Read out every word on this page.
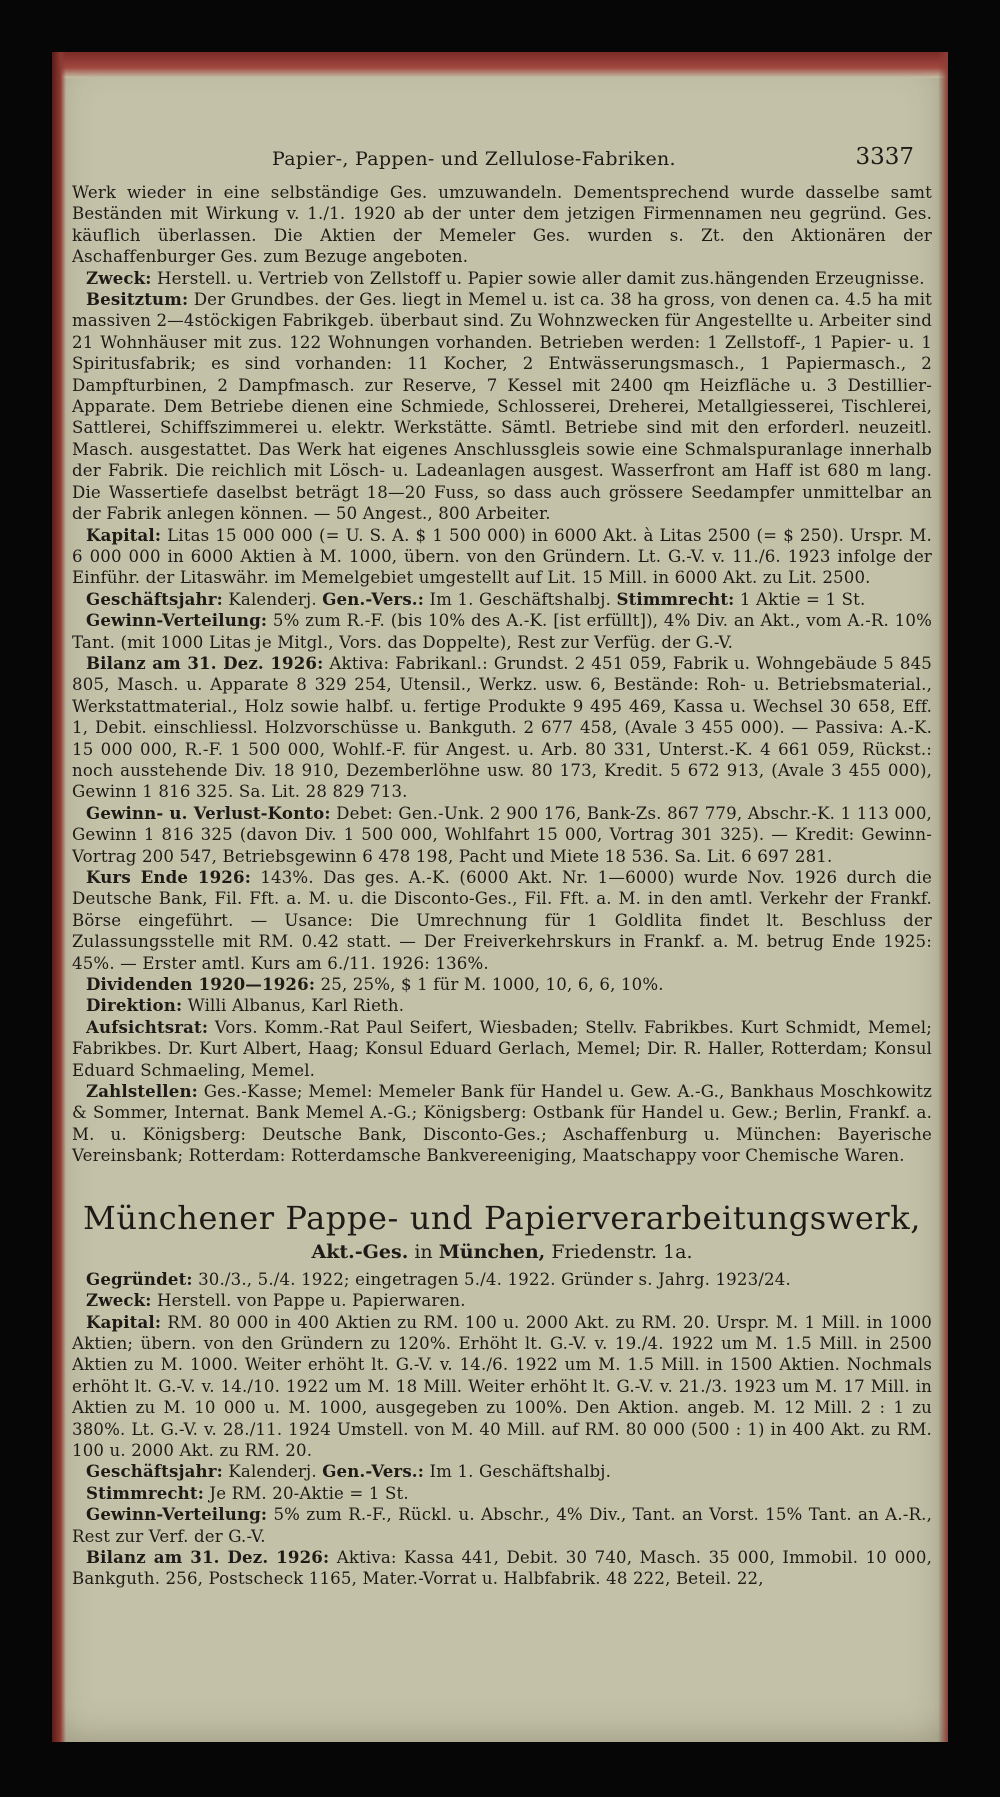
Papier-, Pappen- und Zellulose-Fabriken.	3337

Werk wieder in eine selbständige Ges. umzuwandeln. Dementsprechend wurde dasselbe samt Beständen mit Wirkung v. 1./1. 1920 ab der unter dem jetzigen Firmennamen neu gegründ. Ges. käuflich überlassen. Die Aktien der Memeler Ges. wurden s. Zt. den Aktionären der Aschaffenburger Ges. zum Bezuge angeboten.

Zweck: Herstell. u. Vertrieb von Zellstoff u. Papier sowie aller damit zus.hängenden Erzeugnisse.

Besitztum: Der Grundbes. der Ges. liegt in Memel u. ist ca. 38 ha gross, von denen ca. 4.5 ha mit massiven 2—4stöckigen Fabrikgeb. überbaut sind. Zu Wohnzwecken für Angestellte u. Arbeiter sind 21 Wohnhäuser mit zus. 122 Wohnungen vorhanden. Betrieben werden: 1 Zellstoff-, 1 Papier- u. 1 Spiritusfabrik; es sind vorhanden: 11 Kocher, 2 Entwässerungsmasch., 1 Papiermasch., 2 Dampfturbinen, 2 Dampfmasch. zur Reserve, 7 Kessel mit 2400 qm Heizfläche u. 3 Destillier-Apparate. Dem Betriebe dienen eine Schmiede, Schlosserei, Dreherei, Metallgiesserei, Tischlerei, Sattlerei, Schiffszimmerei u. elektr. Werkstätte. Sämtl. Betriebe sind mit den erforderl. neuzeitl. Masch. ausgestattet. Das Werk hat eigenes Anschlussgleis sowie eine Schmalspuranlage innerhalb der Fabrik. Die reichlich mit Lösch- u. Ladeanlagen ausgest. Wasserfront am Haff ist 680 m lang. Die Wassertiefe daselbst beträgt 18—20 Fuss, so dass auch grössere Seedampfer unmittelbar an der Fabrik anlegen können. — 50 Angest., 800 Arbeiter.

Kapital: Litas 15 000 000 (= U. S. A. $ 1 500 000) in 6000 Akt. à Litas 2500 (= $ 250). Urspr. M. 6 000 000 in 6000 Aktien à M. 1000, übern. von den Gründern. Lt. G.-V. v. 11./6. 1923 infolge der Einführ. der Litaswähr. im Memelgebiet umgestellt auf Lit. 15 Mill. in 6000 Akt. zu Lit. 2500.

Geschäftsjahr: Kalenderj. Gen.-Vers.: Im 1. Geschäftshalbj. Stimmrecht: 1 Aktie = 1 St.

Gewinn-Verteilung: 5% zum R.-F. (bis 10% des A.-K. [ist erfüllt]), 4% Div. an Akt., vom A.-R. 10% Tant. (mit 1000 Litas je Mitgl., Vors. das Doppelte), Rest zur Verfüg. der G.-V.

Bilanz am 31. Dez. 1926: Aktiva: Fabrikanl.: Grundst. 2 451 059, Fabrik u. Wohngebäude 5 845 805, Masch. u. Apparate 8 329 254, Utensil., Werkz. usw. 6, Bestände: Roh- u. Betriebsmaterial., Werkstattmaterial., Holz sowie halbf. u. fertige Produkte 9 495 469, Kassa u. Wechsel 30 658, Eff. 1, Debit. einschliessl. Holzvorschüsse u. Bankguth. 2 677 458, (Avale 3 455 000). — Passiva: A.-K. 15 000 000, R.-F. 1 500 000, Wohlf.-F. für Angest. u. Arb. 80 331, Unterst.-K. 4 661 059, Rückst.: noch ausstehende Div. 18 910, Dezemberlöhne usw. 80 173, Kredit. 5 672 913, (Avale 3 455 000), Gewinn 1 816 325. Sa. Lit. 28 829 713.

Gewinn- u. Verlust-Konto: Debet: Gen.-Unk. 2 900 176, Bank-Zs. 867 779, Abschr.-K. 1 113 000, Gewinn 1 816 325 (davon Div. 1 500 000, Wohlfahrt 15 000, Vortrag 301 325). — Kredit: Gewinn-Vortrag 200 547, Betriebsgewinn 6 478 198, Pacht und Miete 18 536. Sa. Lit. 6 697 281.

Kurs Ende 1926: 143%. Das ges. A.-K. (6000 Akt. Nr. 1—6000) wurde Nov. 1926 durch die Deutsche Bank, Fil. Fft. a. M. u. die Disconto-Ges., Fil. Fft. a. M. in den amtl. Verkehr der Frankf. Börse eingeführt. — Usance: Die Umrechnung für 1 Goldlita findet lt. Beschluss der Zulassungsstelle mit RM. 0.42 statt. — Der Freiverkehrskurs in Frankf. a. M. betrug Ende 1925: 45%. — Erster amtl. Kurs am 6./11. 1926: 136%.

Dividenden 1920—1926: 25, 25%, $ 1 für M. 1000, 10, 6, 6, 10%.

Direktion: Willi Albanus, Karl Rieth.

Aufsichtsrat: Vors. Komm.-Rat Paul Seifert, Wiesbaden; Stellv. Fabrikbes. Kurt Schmidt, Memel; Fabrikbes. Dr. Kurt Albert, Haag; Konsul Eduard Gerlach, Memel; Dir. R. Haller, Rotterdam; Konsul Eduard Schmaeling, Memel.

Zahlstellen: Ges.-Kasse; Memel: Memeler Bank für Handel u. Gew. A.-G., Bankhaus Moschkowitz & Sommer, Internat. Bank Memel A.-G.; Königsberg: Ostbank für Handel u. Gew.; Berlin, Frankf. a. M. u. Königsberg: Deutsche Bank, Disconto-Ges.; Aschaffenburg u. München: Bayerische Vereinsbank; Rotterdam: Rotterdamsche Bankvereeniging, Maatschappy voor Chemische Waren.

Münchener Pappe- und Papierverarbeitungswerk,
Akt.-Ges. in München, Friedenstr. 1a.

Gegründet: 30./3., 5./4. 1922; eingetragen 5./4. 1922. Gründer s. Jahrg. 1923/24.

Zweck: Herstell. von Pappe u. Papierwaren.

Kapital: RM. 80 000 in 400 Aktien zu RM. 100 u. 2000 Akt. zu RM. 20. Urspr. M. 1 Mill. in 1000 Aktien; übern. von den Gründern zu 120%. Erhöht lt. G.-V. v. 19./4. 1922 um M. 1.5 Mill. in 2500 Aktien zu M. 1000. Weiter erhöht lt. G.-V. v. 14./6. 1922 um M. 1.5 Mill. in 1500 Aktien. Nochmals erhöht lt. G.-V. v. 14./10. 1922 um M. 18 Mill. Weiter erhöht lt. G.-V. v. 21./3. 1923 um M. 17 Mill. in Aktien zu M. 10 000 u. M. 1000, ausgegeben zu 100%. Den Aktion. angeb. M. 12 Mill. 2 : 1 zu 380%. Lt. G.-V. v. 28./11. 1924 Umstell. von M. 40 Mill. auf RM. 80 000 (500 : 1) in 400 Akt. zu RM. 100 u. 2000 Akt. zu RM. 20.

Geschäftsjahr: Kalenderj. Gen.-Vers.: Im 1. Geschäftshalbj.

Stimmrecht: Je RM. 20-Aktie = 1 St.

Gewinn-Verteilung: 5% zum R.-F., Rückl. u. Abschr., 4% Div., Tant. an Vorst. 15% Tant. an A.-R., Rest zur Verf. der G.-V.

Bilanz am 31. Dez. 1926: Aktiva: Kassa 441, Debit. 30 740, Masch. 35 000, Immobil. 10 000, Bankguth. 256, Postscheck 1165, Mater.-Vorrat u. Halbfabrik. 48 222, Beteil. 22,
